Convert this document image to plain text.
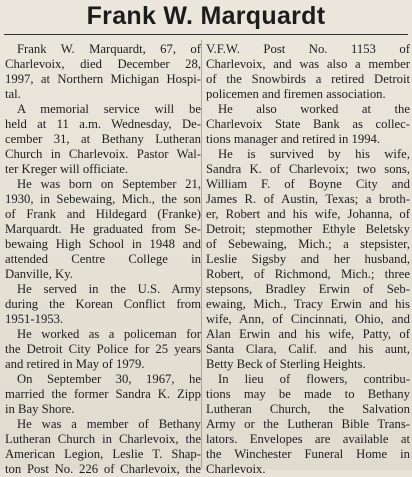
Frank W. Marquardt
Frank W. Marquardt, 67, of
Charlevoix, died December 28,
1997, at Northern Michigan Hospi-
tal.
A memorial service will be
held at 11 a.m. Wednesday, De-
cember 31, at Bethany Lutheran
Church in Charlevoix. Pastor Wal-
ter Kreger will officiate.
He was born on September 21,
1930, in Sebewaing, Mich., the son
of Frank and Hildegard (Franke)
Marquardt. He graduated from Se-
bewaing High School in 1948 and
attended Centre College in
Danville, Ky.
He served in the U.S. Army
during the Korean Conflict from
1951-1953.
He worked as a policeman for
the Detroit City Police for 25 years
and retired in May of 1979.
On September 30, 1967, he
married the former Sandra K. Zipp
in Bay Shore.
He was a member of Bethany
Lutheran Church in Charlevoix, the
American Legion, Leslie T. Shap-
ton Post No. 226 of Charlevoix, the
V.F.W. Post No. 1153 of
Charlevoix, and was also a member
of the Snowbirds a retired Detroit
policemen and firemen association.
He also worked at the
Charlevoix State Bank as collec-
tions manager and retired in 1994.
He is survived by his wife,
Sandra K. of Charlevoix; two sons,
William F. of Boyne City and
James R. of Austin, Texas; a broth-
er, Robert and his wife, Johanna, of
Detroit; stepmother Ethyle Beletsky
of Sebewaing, Mich.; a stepsister,
Leslie Sigsby and her husband,
Robert, of Richmond, Mich.; three
stepsons, Bradley Erwin of Seb-
ewaing, Mich., Tracy Erwin and his
wife, Ann, of Cincinnati, Ohio, and
Alan Erwin and his wife, Patty, of
Santa Clara, Calif. and his aunt,
Betty Beck of Sterling Heights.
In lieu of flowers, contribu-
tions may be made to Bethany
Lutheran Church, the Salvation
Army or the Lutheran Bible Trans-
lators. Envelopes are available at
the Winchester Funeral Home in
Charlevoix.
